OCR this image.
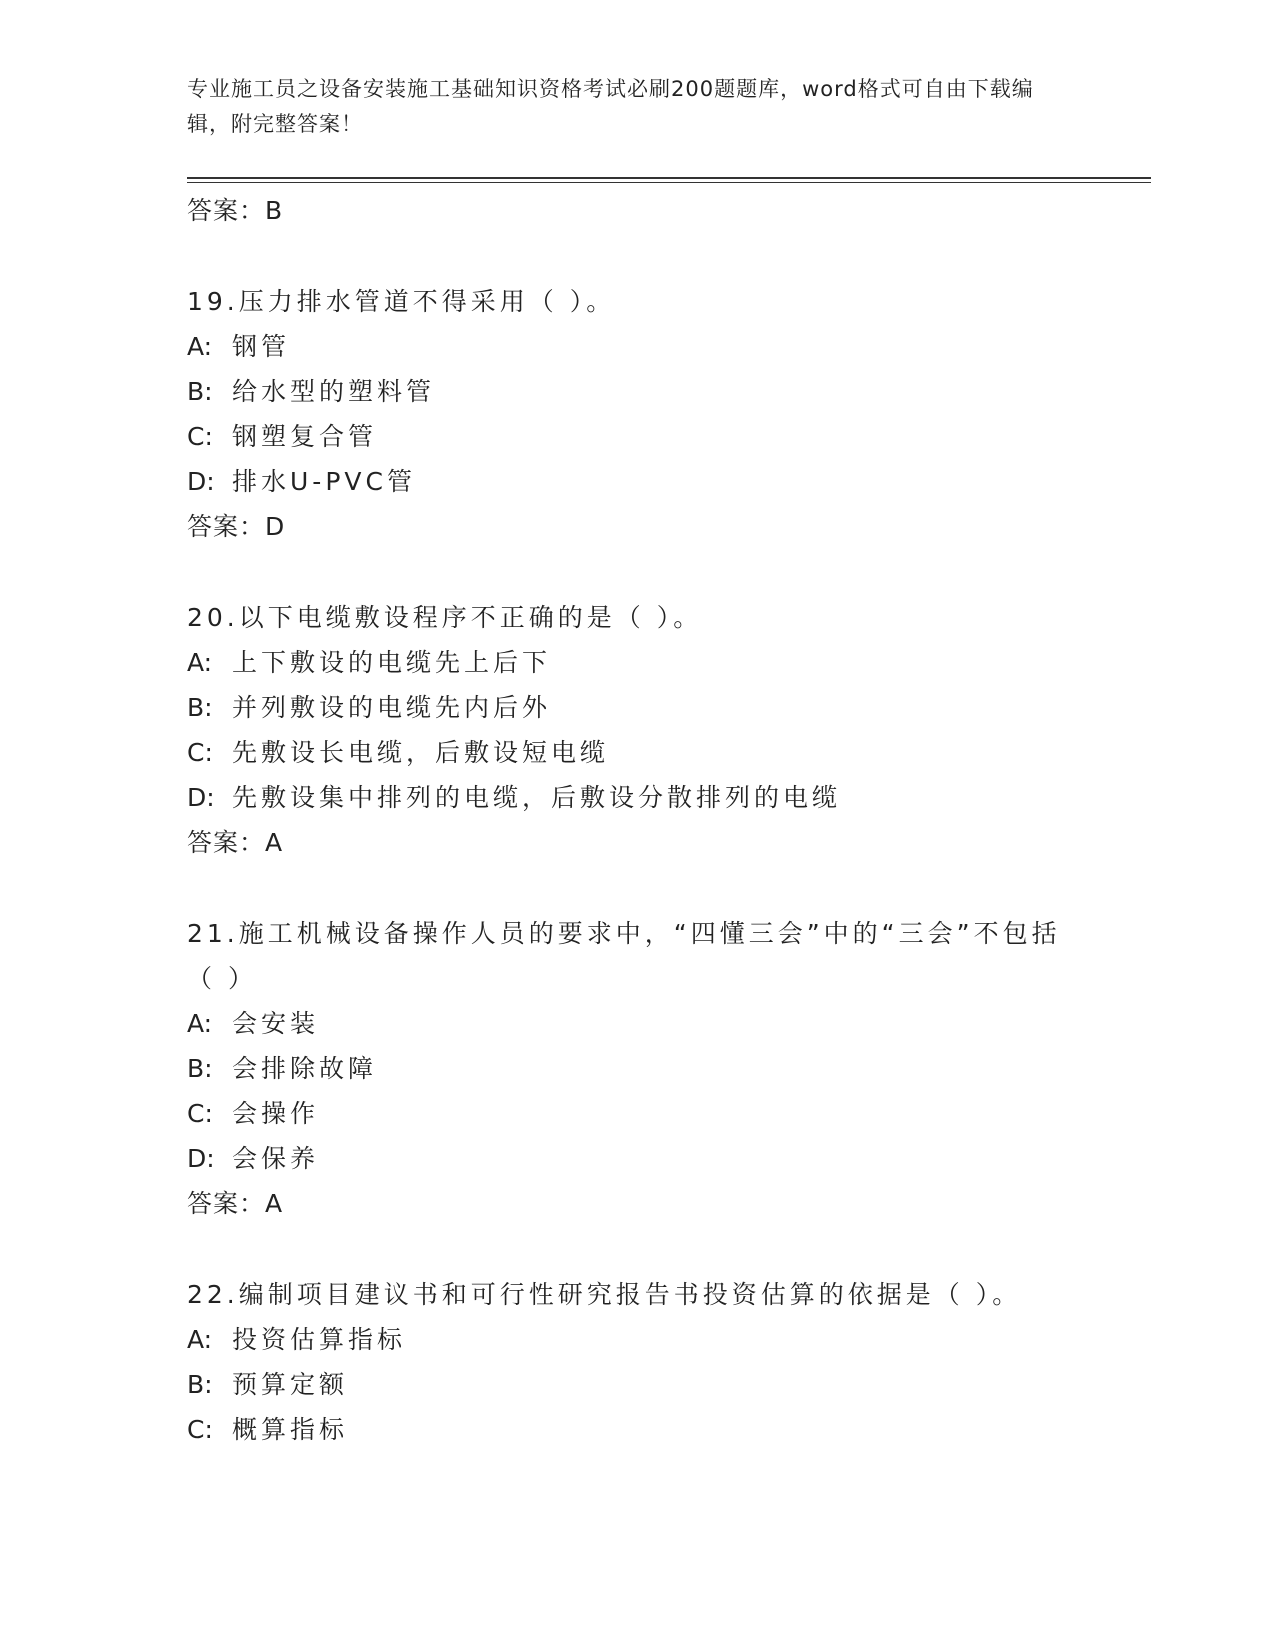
专业施工员之设备安装施工基础知识资格考试必刷200题题库，word格式可自由下载编辑，附完整答案！
答案：B
19.压力排水管道不得采用（ ）。
A: 钢管
B: 给水型的塑料管
C: 钢塑复合管
D: 排水U-PVC管
答案：D
20.以下电缆敷设程序不正确的是（ ）。
A: 上下敷设的电缆先上后下
B: 并列敷设的电缆先内后外
C: 先敷设长电缆，后敷设短电缆
D: 先敷设集中排列的电缆，后敷设分散排列的电缆
答案：A
21.施工机械设备操作人员的要求中，“四懂三会”中的“三会”不包括（ ）
A: 会安装
B: 会排除故障
C: 会操作
D: 会保养
答案：A
22.编制项目建议书和可行性研究报告书投资估算的依据是（ ）。
A: 投资估算指标
B: 预算定额
C: 概算指标
